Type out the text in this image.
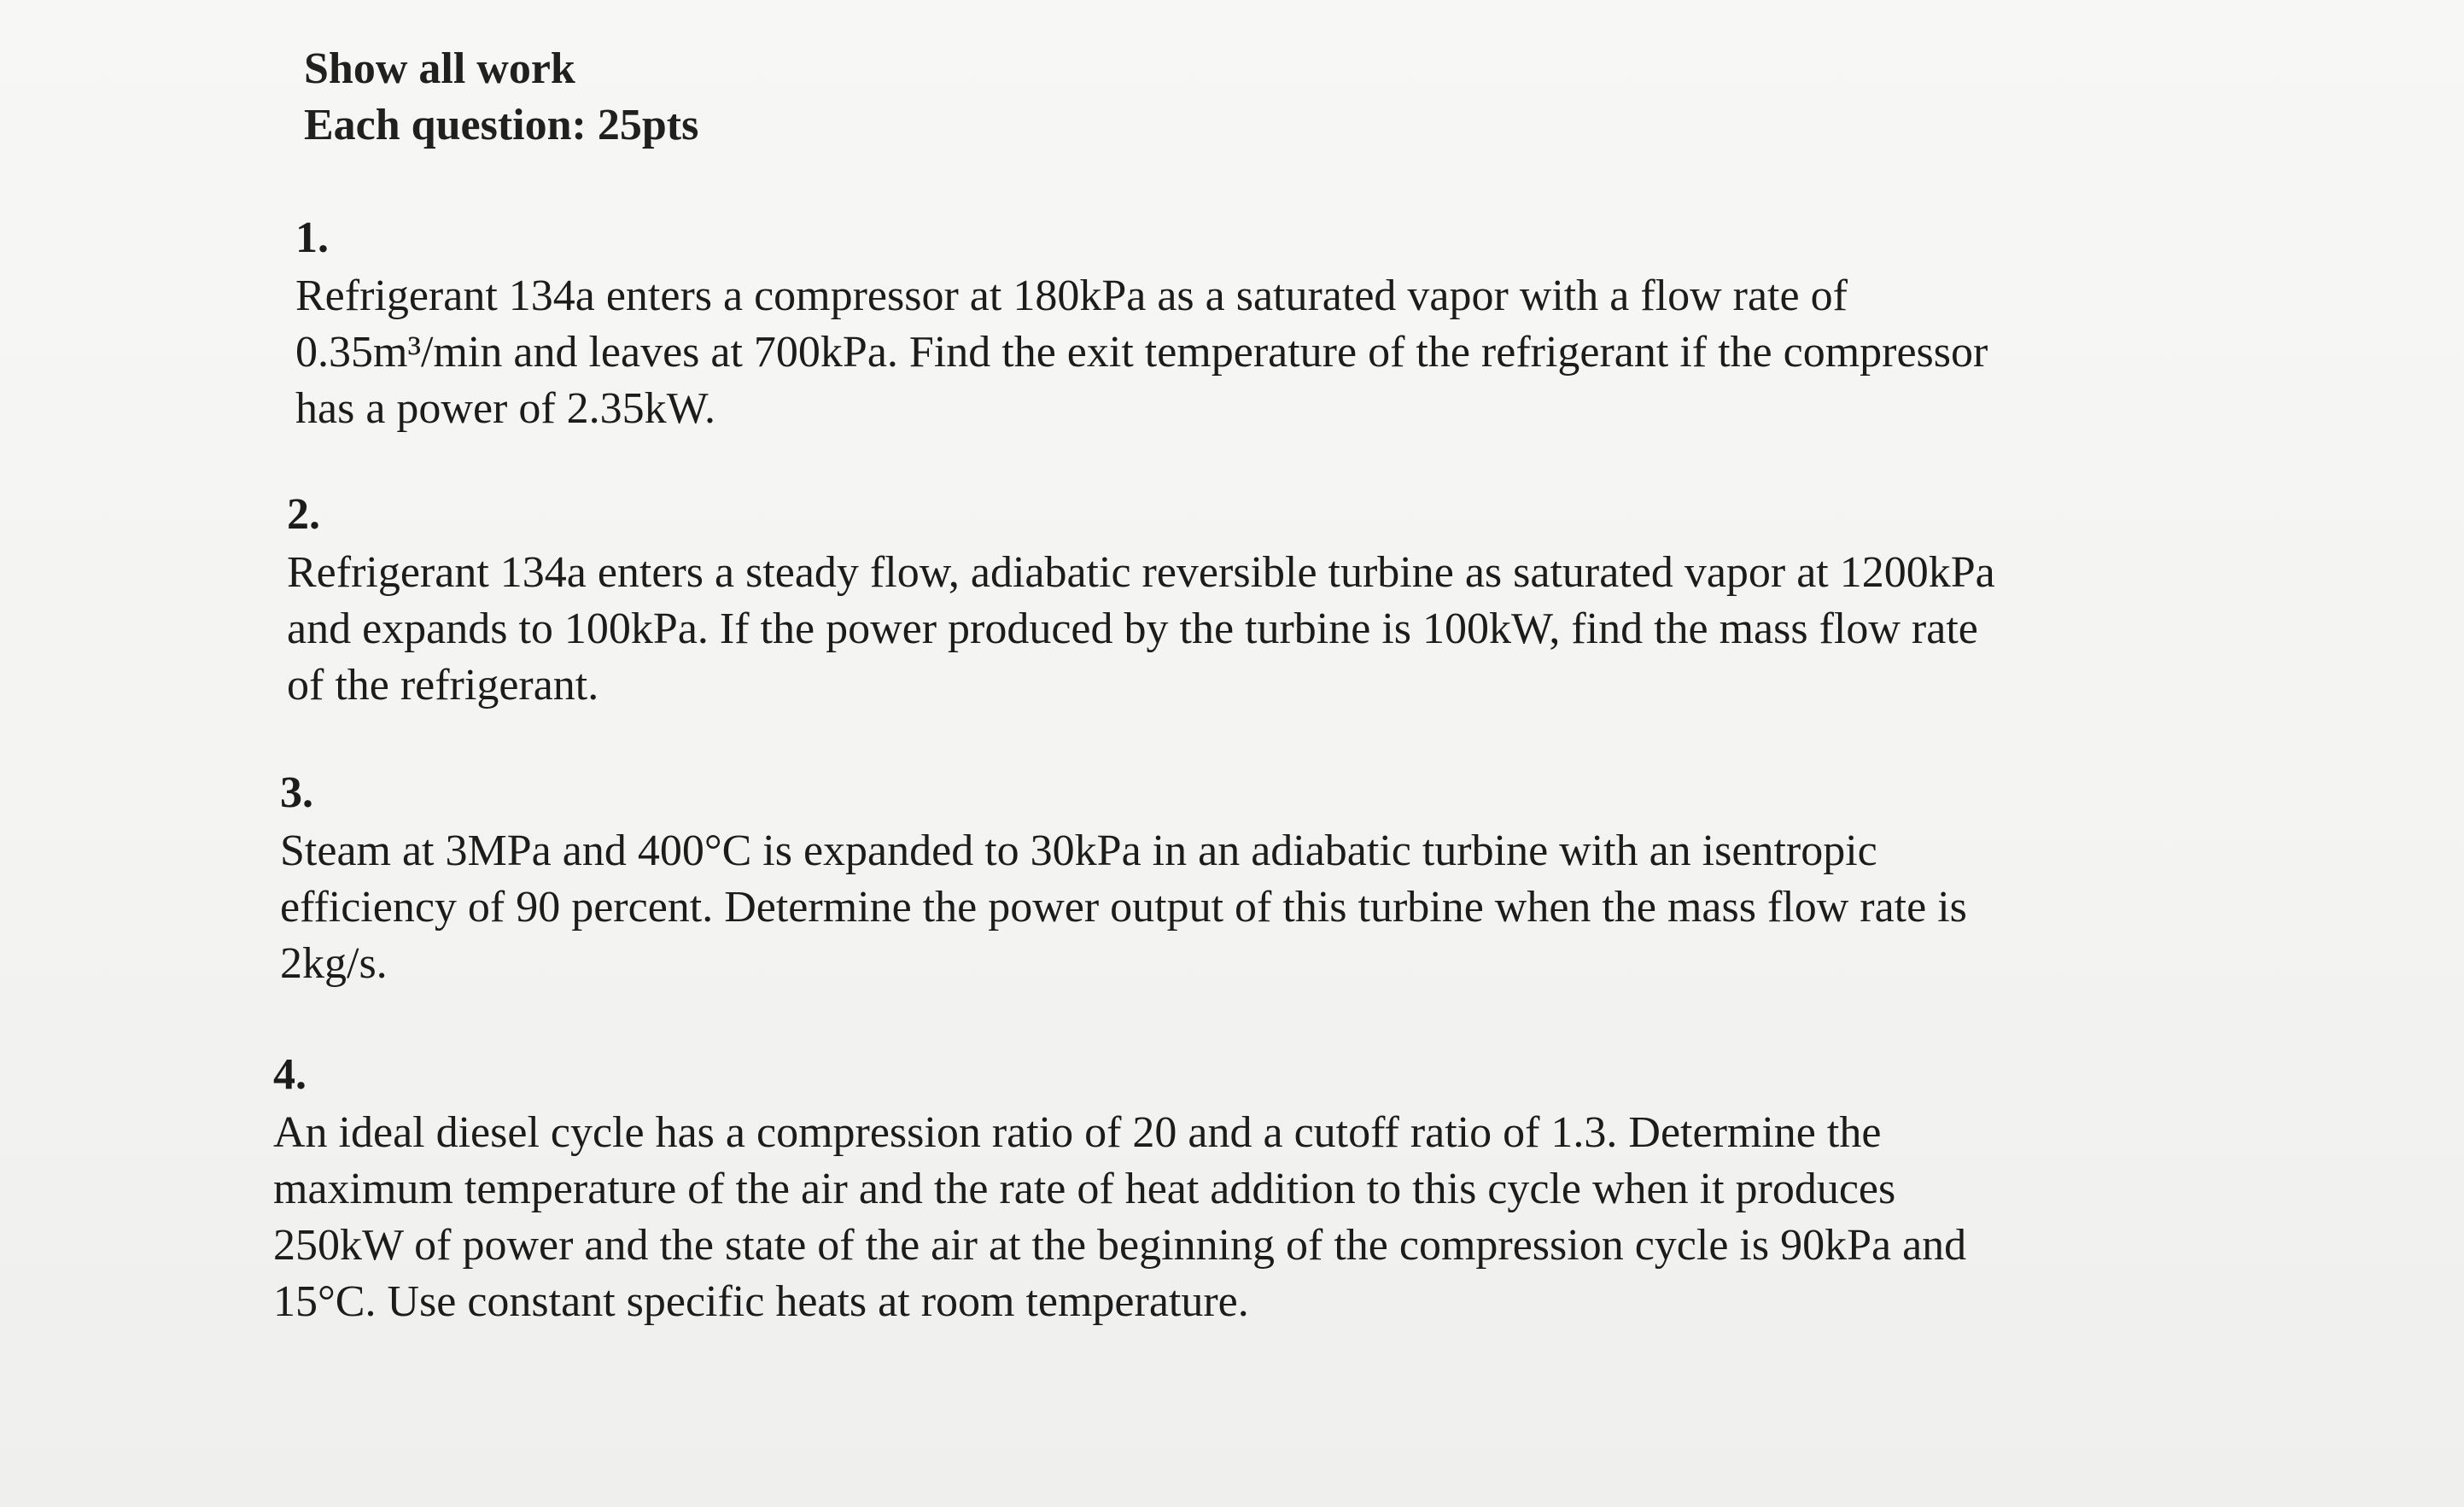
Show all work
Each question: 25pts
1.
Refrigerant 134a enters a compressor at 180kPa as a saturated vapor with a flow rate of
0.35m³/min and leaves at 700kPa. Find the exit temperature of the refrigerant if the compressor
has a power of 2.35kW.
2.
Refrigerant 134a enters a steady flow, adiabatic reversible turbine as saturated vapor at 1200kPa
and expands to 100kPa. If the power produced by the turbine is 100kW, find the mass flow rate
of the refrigerant.
3.
Steam at 3MPa and 400°C is expanded to 30kPa in an adiabatic turbine with an isentropic
efficiency of 90 percent. Determine the power output of this turbine when the mass flow rate is
2kg/s.
4.
An ideal diesel cycle has a compression ratio of 20 and a cutoff ratio of 1.3. Determine the
maximum temperature of the air and the rate of heat addition to this cycle when it produces
250kW of power and the state of the air at the beginning of the compression cycle is 90kPa and
15°C. Use constant specific heats at room temperature.
